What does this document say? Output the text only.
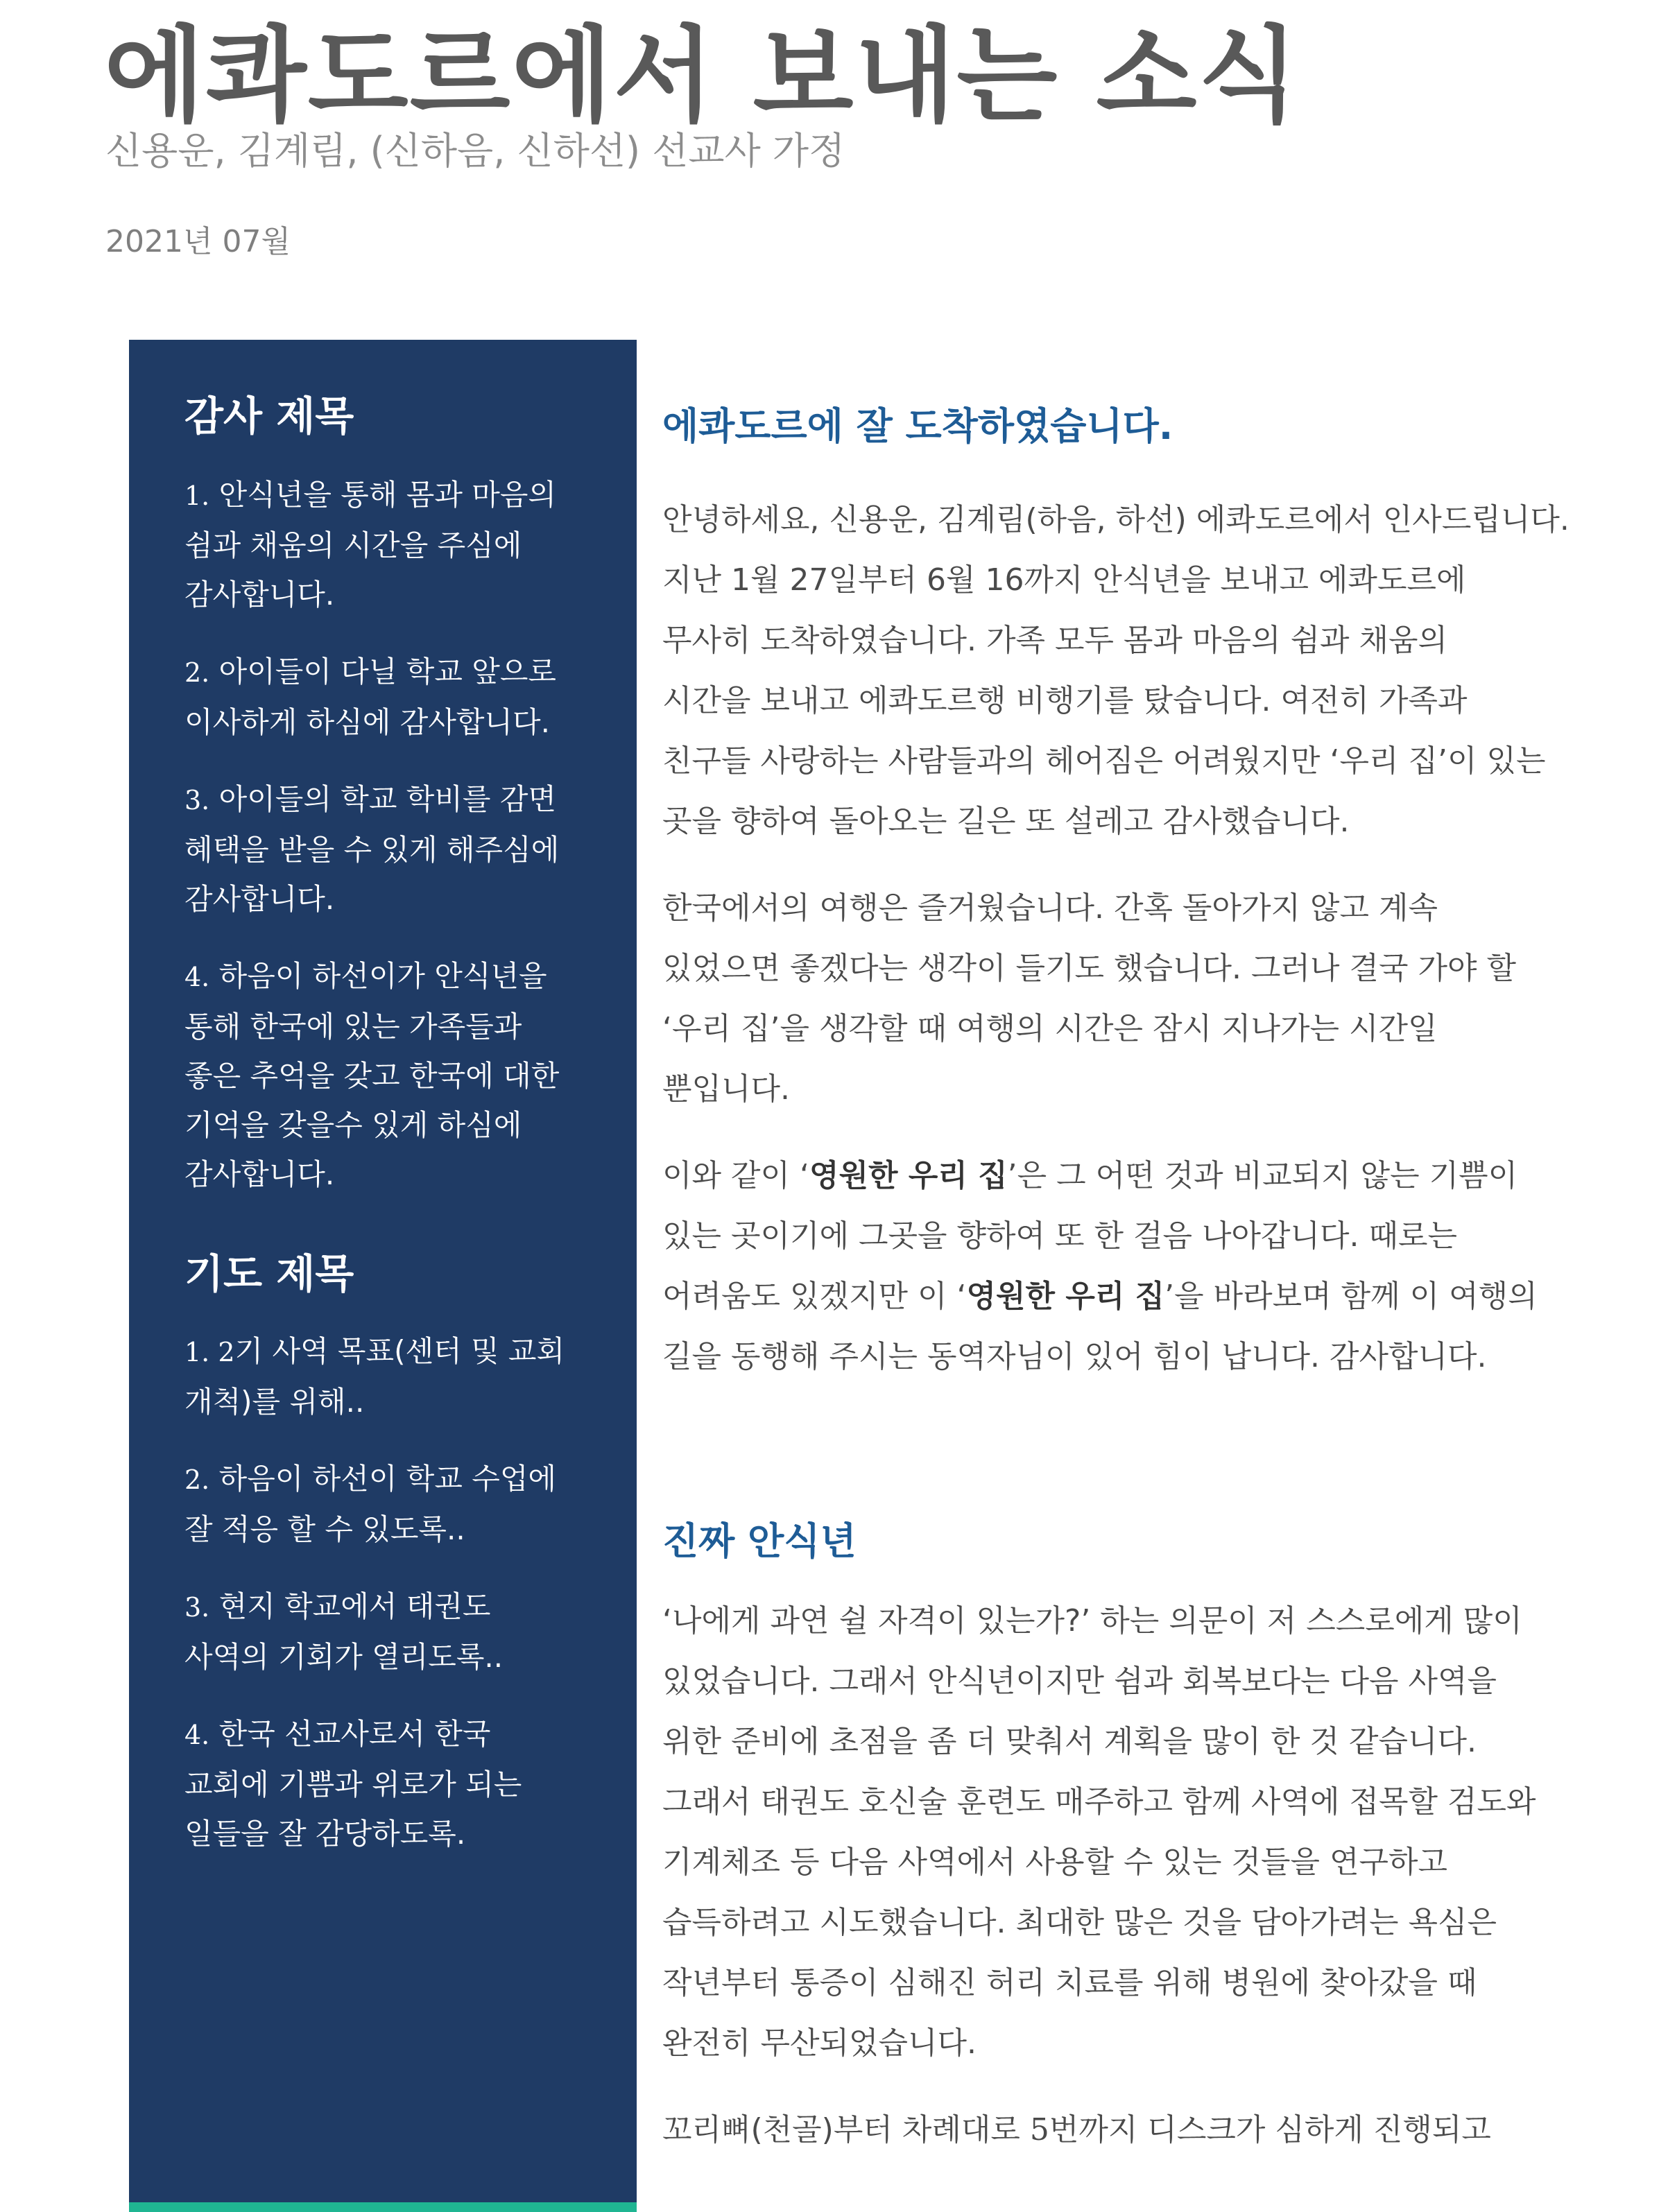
에콰도르에서 보내는 소식
신용운, 김계림, (신하음, 신하선) 선교사 가정
2021년 07월
감사 제목
1. 안식년을 통해 몸과 마음의
쉼과 채움의 시간을 주심에
감사합니다.
2. 아이들이 다닐 학교 앞으로
이사하게 하심에 감사합니다.
3. 아이들의 학교 학비를 감면
혜택을 받을 수 있게 해주심에
감사합니다.
4. 하음이 하선이가 안식년을
통해 한국에 있는 가족들과
좋은 추억을 갖고 한국에 대한
기억을 갖을수 있게 하심에
감사합니다.
기도 제목
1. 2기 사역 목표(센터 및 교회
개척)를 위해..
2. 하음이 하선이 학교 수업에
잘 적응 할 수 있도록..
3. 현지 학교에서 태권도
사역의 기회가 열리도록..
4. 한국 선교사로서 한국
교회에 기쁨과 위로가 되는
일들을 잘 감당하도록.
에콰도르에 잘 도착하였습니다.

안녕하세요, 신용운, 김계림(하음, 하선) 에콰도르에서 인사드립니다.
지난 1월 27일부터 6월 16까지 안식년을 보내고 에콰도르에
무사히 도착하였습니다. 가족 모두 몸과 마음의 쉼과 채움의
시간을 보내고 에콰도르행 비행기를 탔습니다. 여전히 가족과
친구들 사랑하는 사람들과의 헤어짐은 어려웠지만 ‘우리 집’이 있는
곳을 향하여 돌아오는 길은 또 설레고 감사했습니다.

한국에서의 여행은 즐거웠습니다. 간혹 돌아가지 않고 계속
있었으면 좋겠다는 생각이 들기도 했습니다. 그러나 결국 가야 할
‘우리 집’을 생각할 때 여행의 시간은 잠시 지나가는 시간일
뿐입니다.

이와 같이 ‘영원한 우리 집’은 그 어떤 것과 비교되지 않는 기쁨이
있는 곳이기에 그곳을 향하여 또 한 걸음 나아갑니다. 때로는
어려움도 있겠지만 이 ‘영원한 우리 집’을 바라보며 함께 이 여행의
길을 동행해 주시는 동역자님이 있어 힘이 납니다. 감사합니다.

진짜 안식년

‘나에게 과연 쉴 자격이 있는가?’ 하는 의문이 저 스스로에게 많이
있었습니다. 그래서 안식년이지만 쉼과 회복보다는 다음 사역을
위한 준비에 초점을 좀 더 맞춰서 계획을 많이 한 것 같습니다.
그래서 태권도 호신술 훈련도 매주하고 함께 사역에 접목할 검도와
기계체조 등 다음 사역에서 사용할 수 있는 것들을 연구하고
습득하려고 시도했습니다. 최대한 많은 것을 담아가려는 욕심은
작년부터 통증이 심해진 허리 치료를 위해 병원에 찾아갔을 때
완전히 무산되었습니다.

꼬리뼈(천골)부터 차례대로 5번까지 디스크가 심하게 진행되고
